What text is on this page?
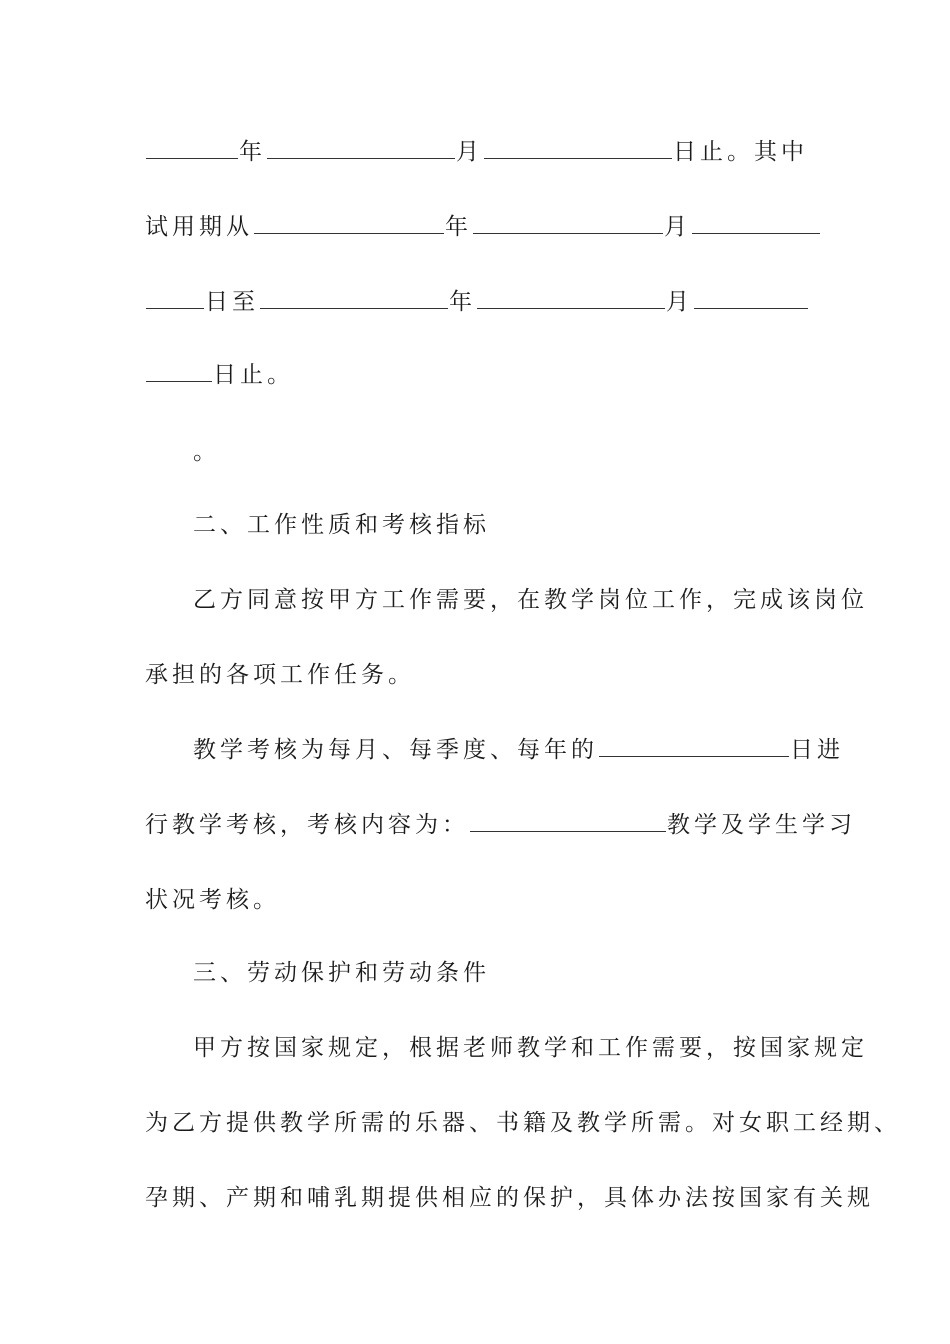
年	月	日止。其中
试用期从	年	月
日至	年	月
日止。
。
二、工作性质和考核指标
乙方同意按甲方工作需要，在教学岗位工作，完成该岗位
承担的各项工作任务。
教学考核为每月、每季度、每年的	日进
行教学考核，考核内容为：	教学及学生学习
状况考核。
三、劳动保护和劳动条件
甲方按国家规定，根据老师教学和工作需要，按国家规定
为乙方提供教学所需的乐器、书籍及教学所需。对女职工经期、
孕期、产期和哺乳期提供相应的保护，具体办法按国家有关规
